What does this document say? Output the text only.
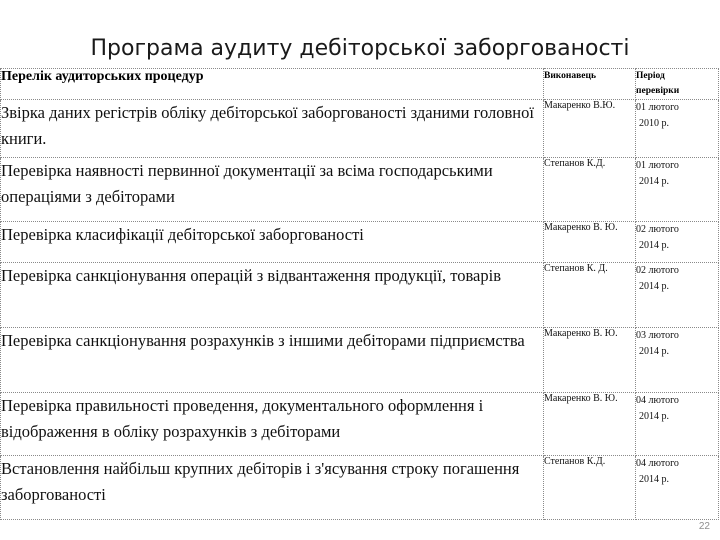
Програма аудиту дебіторської заборгованості
Перелік аудиторських процедур	Виконавець	Період
перевірки
Звірка даних регістрів обліку дебіторської заборгованості зданими головної книги.	Макаренко В.Ю.	01 лютого
2010 р.

Перевірка наявності первинної документації за всіма господарськими операціями з дебіторами	Степанов К.Д.	01 лютого
2014 р.

Перевірка класифікації дебіторської заборгованості	Макаренко В. Ю.	02 лютого
2014 р.

Перевірка санкціонування операцій з відвантаження продукції, товарів	Степанов К. Д.	02 лютого
2014 р.

Перевірка санкціонування розрахунків з іншими дебіторами підприємства	Макаренко В. Ю.	03 лютого
2014 р.

Перевірка правильності проведення, документального оформлення і відображення в обліку розрахунків з дебіторами	Макаренко В. Ю.	04 лютого
2014 р.

Встановлення найбільш крупних дебіторів і з'ясування строку погашення заборгованості	Степанов К.Д.	04 лютого
2014 р.
22
